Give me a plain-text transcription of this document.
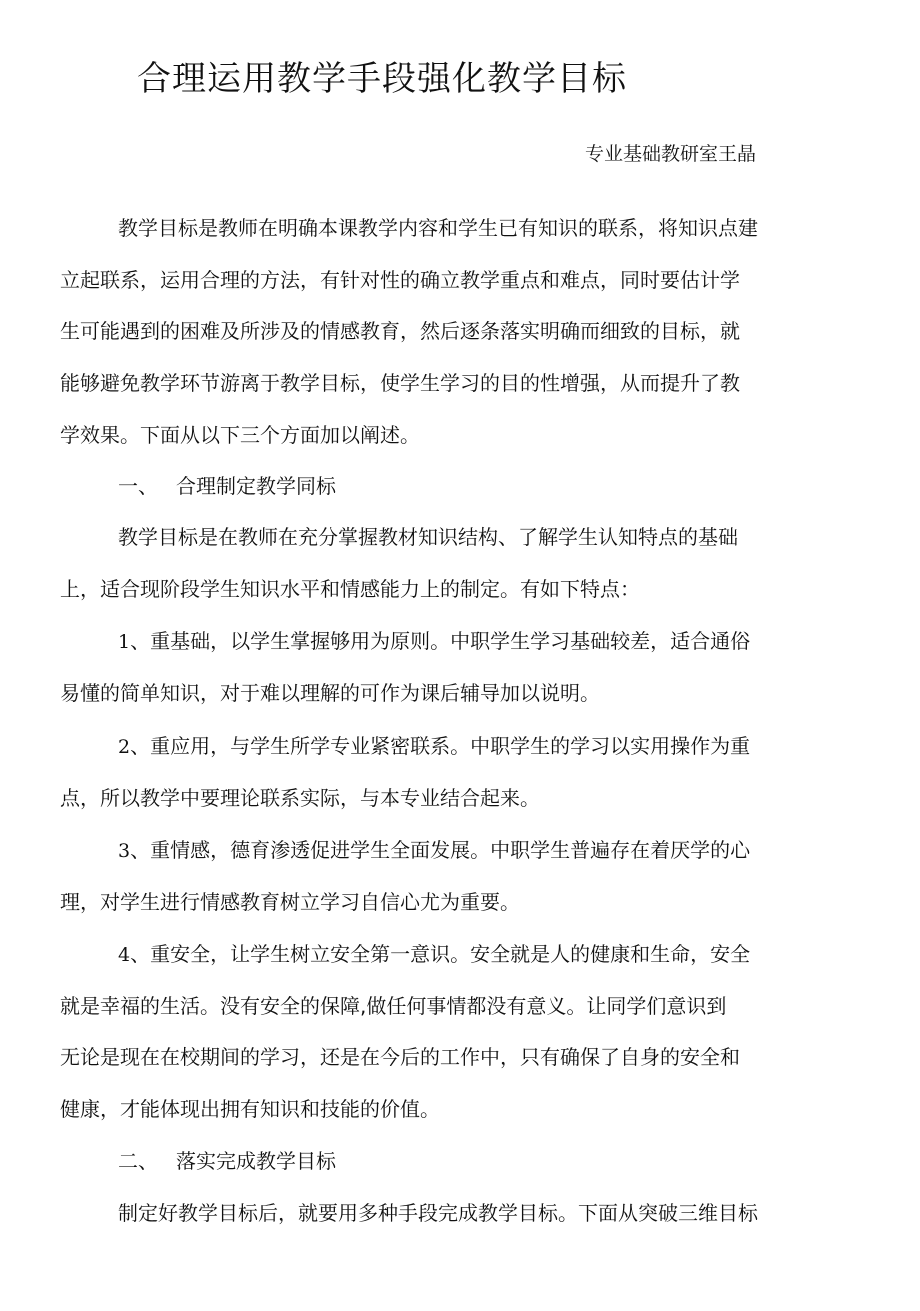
合理运用教学手段强化教学目标
专业基础教研室王晶
教学目标是教师在明确本课教学内容和学生已有知识的联系，将知识点建
立起联系，运用合理的方法，有针对性的确立教学重点和难点，同时要估计学
生可能遇到的困难及所涉及的情感教育，然后逐条落实明确而细致的目标，就
能够避免教学环节游离于教学目标，使学生学习的目的性增强，从而提升了教
学效果。下面从以下三个方面加以阐述。
一、 合理制定教学同标
教学目标是在教师在充分掌握教材知识结构、了解学生认知特点的基础
上，适合现阶段学生知识水平和情感能力上的制定。有如下特点：
1、重基础，以学生掌握够用为原则。中职学生学习基础较差，适合通俗
易懂的简单知识，对于难以理解的可作为课后辅导加以说明。
2、重应用，与学生所学专业紧密联系。中职学生的学习以实用操作为重
点，所以教学中要理论联系实际，与本专业结合起来。
3、重情感，德育渗透促进学生全面发展。中职学生普遍存在着厌学的心
理，对学生进行情感教育树立学习自信心尤为重要。
4、重安全，让学生树立安全第一意识。安全就是人的健康和生命，安全
就是幸福的生活。没有安全的保障,做任何事情都没有意义。让同学们意识到
无论是现在在校期间的学习，还是在今后的工作中，只有确保了自身的安全和
健康，才能体现出拥有知识和技能的价值。
二、 落实完成教学目标
制定好教学目标后，就要用多种手段完成教学目标。下面从突破三维目标
